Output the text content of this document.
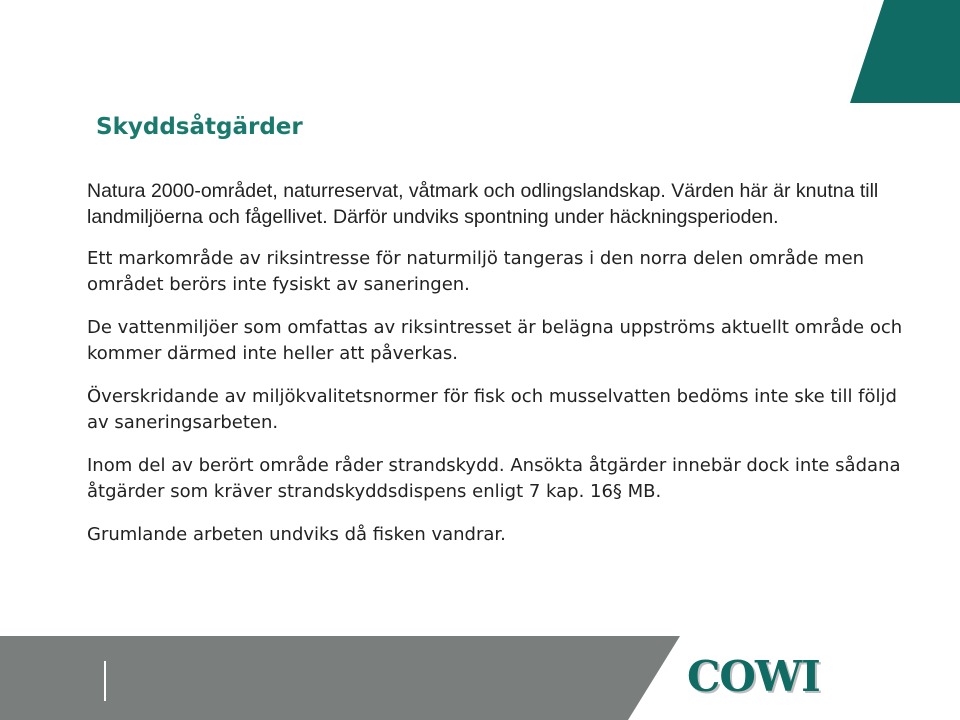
Skyddsåtgärder

Natura 2000-området, naturreservat, våtmark och odlingslandskap. Värden här är knutna till landmiljöerna och fågellivet. Därför undviks spontning under häckningsperioden.

Ett markområde av riksintresse för naturmiljö tangeras i den norra delen område men området berörs inte fysiskt av saneringen.

De vattenmiljöer som omfattas av riksintresset är belägna uppströms aktuellt område och kommer därmed inte heller att påverkas.

Överskridande av miljökvalitetsnormer för fisk och musselvatten bedöms inte ske till följd av saneringsarbeten.

Inom del av berört område råder strandskydd. Ansökta åtgärder innebär dock inte sådana åtgärder som kräver strandskyddsdispens enligt 7 kap. 16§ MB.

Grumlande arbeten undviks då fisken vandrar.

COWI
